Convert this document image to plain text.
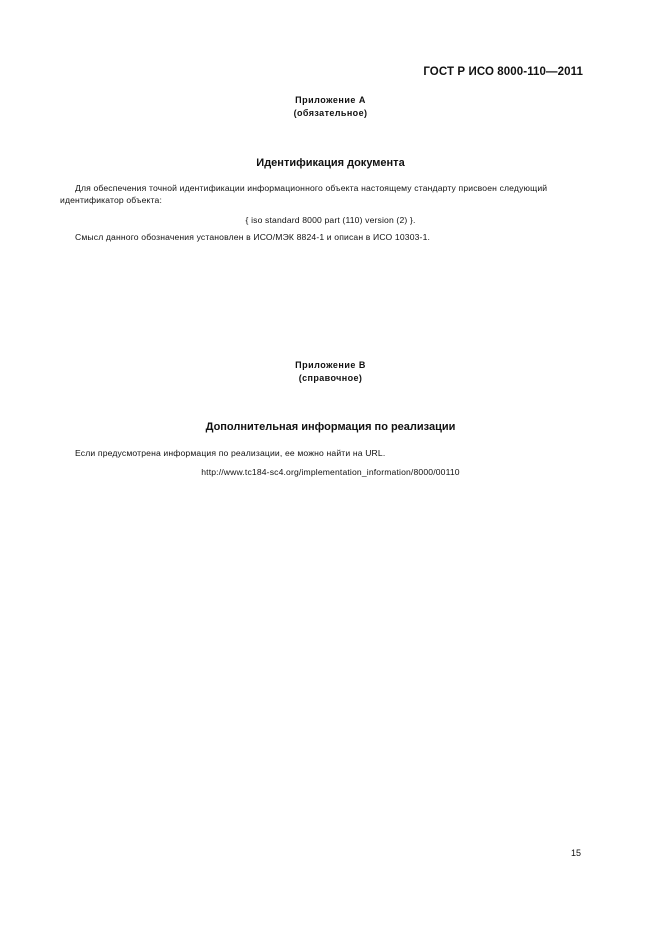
ГОСТ Р ИСО 8000-110—2011
Приложение А
(обязательное)
Идентификация документа
Для обеспечения точной идентификации информационного объекта настоящему стандарту присвоен следующий идентификатор объекта:
{ iso standard 8000 part (110) version (2) }.
Смысл данного обозначения установлен в ИСО/МЭК 8824-1 и описан в ИСО 10303-1.
Приложение В
(справочное)
Дополнительная информация по реализации
Если предусмотрена информация по реализации, ее можно найти на URL.
http://www.tc184-sc4.org/implementation_information/8000/00110
15
